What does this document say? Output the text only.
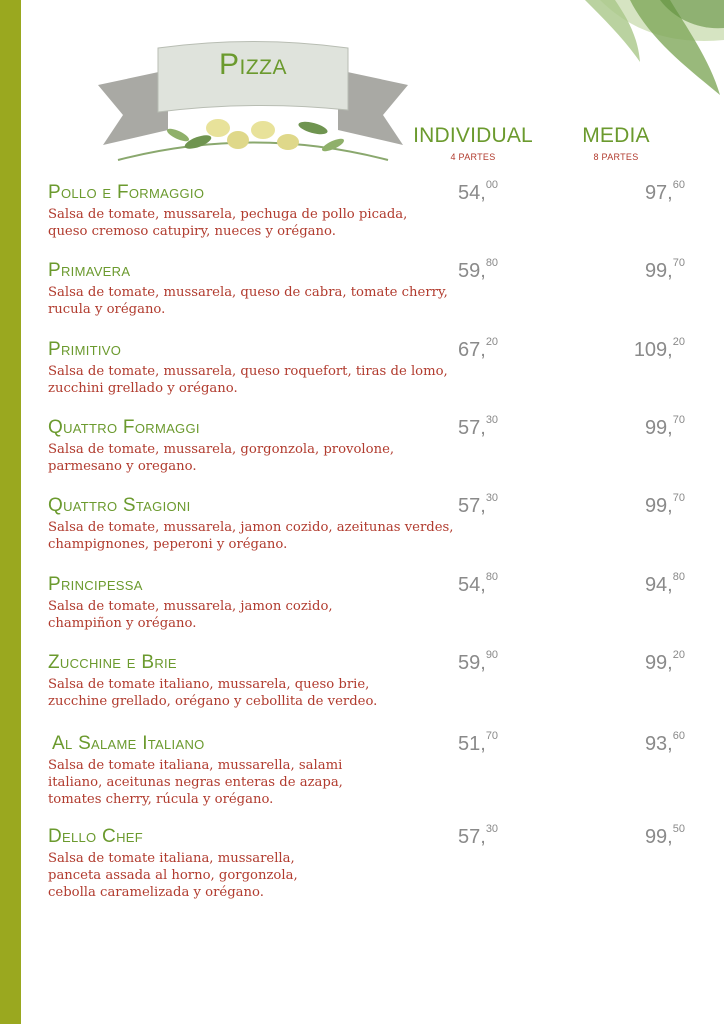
Pizza
INDIVIDUAL
4 PARTES
MEDIA
8 PARTES
Pollo e Formaggio
Salsa de tomate, mussarela, pechuga de pollo picada, queso cremoso catupiry, nueces y orégano.
54,00	97,60
Primavera
Salsa de tomate, mussarela, queso de cabra, tomate cherry, rucula y orégano.
59,80	99,70
Primitivo
Salsa de tomate, mussarela, queso roquefort, tiras de lomo, zucchini grellado y orégano.
67,20	109,20
Quattro Formaggi
Salsa de tomate, mussarela, gorgonzola, provolone, parmesano y oregano.
57,30	99,70
Quattro Stagioni
Salsa de tomate, mussarela, jamon cozido, azeitunas verdes, champignones, peperoni y orégano.
57,30	99,70
Principessa
Salsa de tomate, mussarela, jamon cozido, champiñon y orégano.
54,80	94,80
Zucchine e Brie
Salsa de tomate italiano, mussarela, queso brie, zucchine grellado, orégano y cebollita de verdeo.
59,90	99,20
Al Salame Italiano
Salsa de tomate italiana, mussarella, salami italiano, aceitunas negras enteras de azapa, tomates cherry, rúcula y orégano.
51,70	93,60
Dello Chef
Salsa de tomate italiana, mussarella, panceta assada al horno, gorgonzola, cebolla caramelizada y orégano.
57,30	99,50
